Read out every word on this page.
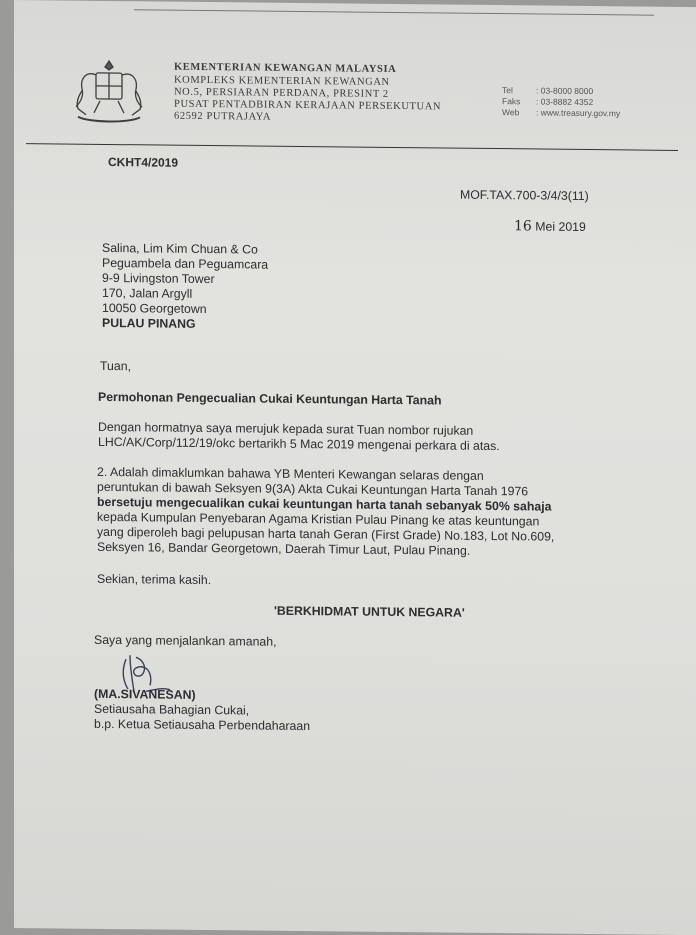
KEMENTERIAN KEWANGAN MALAYSIA
KOMPLEKS KEMENTERIAN KEWANGAN
NO.5, PERSIARAN PERDANA, PRESINT 2
PUSAT PENTADBIRAN KERAJAAN PERSEKUTUAN
62592 PUTRAJAYA
Tel	: 03-8000 8000
Faks : 03-8882 4352
Web : www.treasury.gov.my
CKHT4/2019
MOF.TAX.700-3/4/3(11)
16 Mei 2019
Salina, Lim Kim Chuan & Co
Peguambela dan Peguamcara
9-9 Livingston Tower
170, Jalan Argyll
10050 Georgetown
PULAU PINANG
Tuan,
Permohonan Pengecualian Cukai Keuntungan Harta Tanah
Dengan hormatnya saya merujuk kepada surat Tuan nombor rujukan
LHC/AK/Corp/112/19/okc bertarikh 5 Mac 2019 mengenai perkara di atas.
2. Adalah dimaklumkan bahawa YB Menteri Kewangan selaras dengan
peruntukan di bawah Seksyen 9(3A) Akta Cukai Keuntungan Harta Tanah 1976
bersetuju mengecualikan cukai keuntungan harta tanah sebanyak 50% sahaja
kepada Kumpulan Penyebaran Agama Kristian Pulau Pinang ke atas keuntungan
yang diperoleh bagi pelupusan harta tanah Geran (First Grade) No.183, Lot No.609,
Seksyen 16, Bandar Georgetown, Daerah Timur Laut, Pulau Pinang.
Sekian, terima kasih.
'BERKHIDMAT UNTUK NEGARA'
Saya yang menjalankan amanah,
(MA.SIVANESAN)
Setiausaha Bahagian Cukai,
b.p. Ketua Setiausaha Perbendaharaan
